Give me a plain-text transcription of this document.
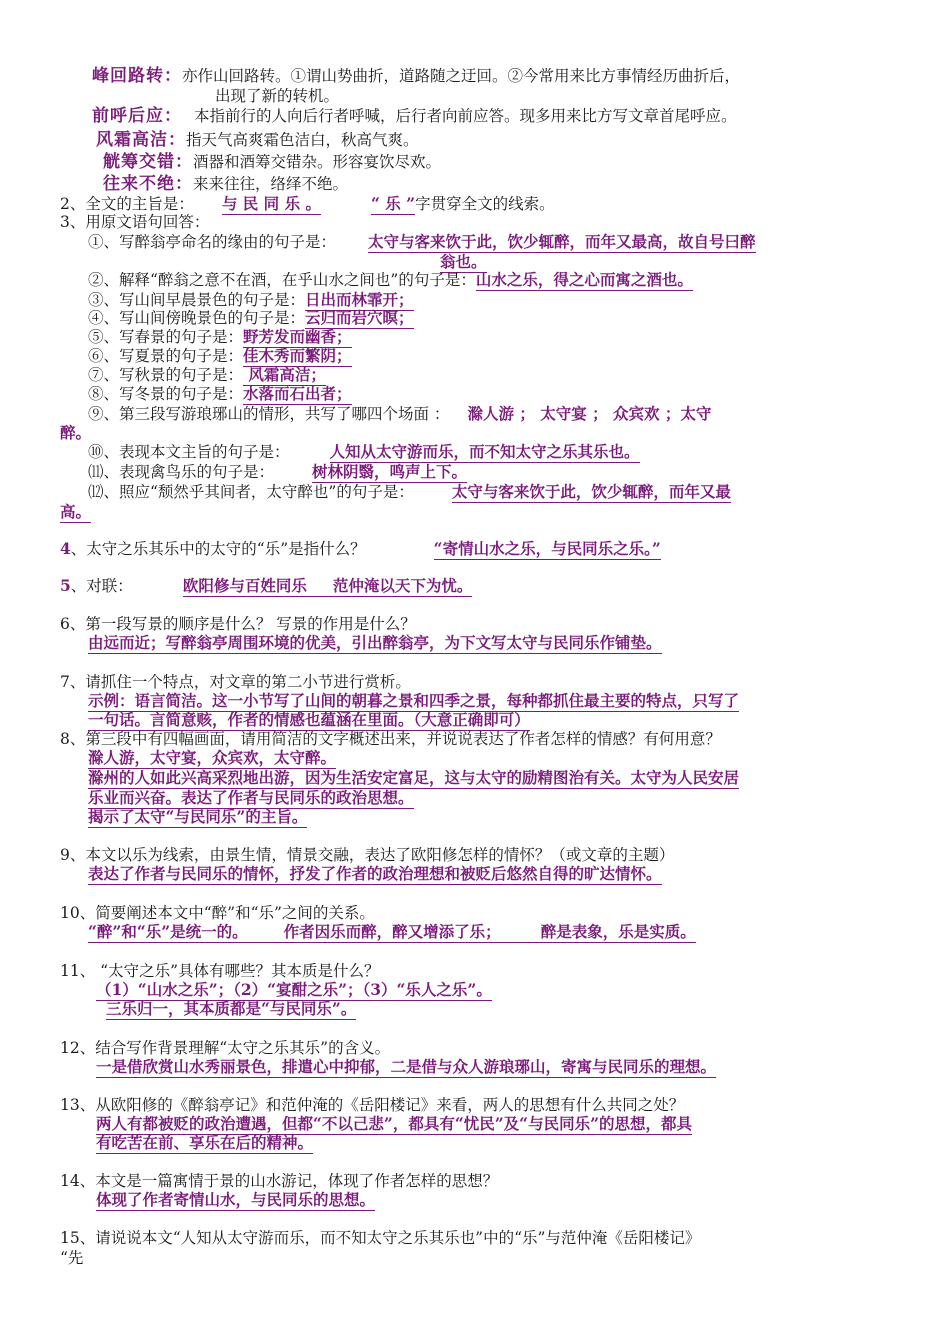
峰回路转：亦作山回路转。①谓山势曲折，道路随之迂回。②今常用来比方事情经历曲折后，
出现了新的转机。
前呼后应： 本指前行的人向后行者呼喊，后行者向前应答。现多用来比方写文章首尾呼应。
风霜高洁：指天气高爽霜色洁白，秋高气爽。
觥筹交错：酒器和酒筹交错杂。形容宴饮尽欢。
往来不绝：来来往往，络绎不绝。
2、全文的主旨是： 与 民 同 乐 。	“ 乐 ”字贯穿全文的线索。
3、用原文语句回答：
①、写醉翁亭命名的缘由的句子是： 太守与客来饮于此，饮少辄醉，而年又最高，故自号曰醉
翁也。
②、解释“醉翁之意不在酒，在乎山水之间也”的句子是：山水之乐，得之心而寓之酒也。
③、写山间早晨景色的句子是：日出而林霏开；
④、写山间傍晚景色的句子是：云归而岩穴暝；
⑤、写春景的句子是：野芳发而幽香；
⑥、写夏景的句子是：佳木秀而繁阴；
⑦、写秋景的句子是： 风霜高洁；
⑧、写冬景的句子是：水落而石出者；
⑨、第三段写游琅琊山的情形，共写了哪四个场面 ： 滁人游 ； 太守宴 ； 众宾欢 ；太守
醉。
⑩、表现本文主旨的句子是：	人知从太守游而乐，而不知太守之乐其乐也。
⑾、表现禽鸟乐的句子是： 树林阴翳，鸣声上下。
⑿、照应“颓然乎其间者，太守醉也”的句子是： 太守与客来饮于此，饮少辄醉，而年又最
高。
4、太守之乐其乐中的太守的“乐”是指什么？	“寄情山水之乐，与民同乐之乐。”
5、对联：	欧阳修与百姓同乐 范仲淹以天下为忧。
6、第一段写景的顺序是什么？ 写景的作用是什么？
由远而近；写醉翁亭周围环境的优美，引出醉翁亭，为下文写太守与民同乐作铺垫。
7、请抓住一个特点，对文章的第二小节进行赏析。
示例：语言简洁。这一小节写了山间的朝暮之景和四季之景，每种都抓住最主要的特点，只写了
一句话。言简意赅，作者的情感也蕴涵在里面。（大意正确即可）
8、第三段中有四幅画面，请用简洁的文字概述出来，并说说表达了作者怎样的情感？有何用意？
滁人游，太守宴，众宾欢，太守醉。
滁州的人如此兴高采烈地出游，因为生活安定富足，这与太守的励精图治有关。太守为人民安居
乐业而兴奋。表达了作者与民同乐的政治思想。
揭示了太守“与民同乐”的主旨。
9、本文以乐为线索，由景生情，情景交融，表达了欧阳修怎样的情怀？（或文章的主题）
表达了作者与民同乐的情怀，抒发了作者的政治理想和被贬后悠然自得的旷达情怀。
10、简要阐述本文中“醉”和“乐”之间的关系。
“醉”和“乐”是统一的。 作者因乐而醉，醉又增添了乐；	醉是表象，乐是实质。
11、 “太守之乐”具体有哪些？其本质是什么？
（1）“山水之乐”；（2）“宴酣之乐”；（3）“乐人之乐”。
三乐归一，其本质都是“与民同乐”。
12、结合写作背景理解“太守之乐其乐”的含义。
一是借欣赏山水秀丽景色，排遣心中抑郁，二是借与众人游琅琊山，寄寓与民同乐的理想。
13、从欧阳修的《醉翁亭记》和范仲淹的《岳阳楼记》来看，两人的思想有什么共同之处？
两人有都被贬的政治遭遇，但都“不以己悲”，都具有“忧民”及“与民同乐”的思想，都具
有吃苦在前、享乐在后的精神。
14、本文是一篇寓情于景的山水游记，体现了作者怎样的思想？
体现了作者寄情山水，与民同乐的思想。
15、请说说本文“人知从太守游而乐，而不知太守之乐其乐也”中的“乐”与范仲淹《岳阳楼记》
“先
